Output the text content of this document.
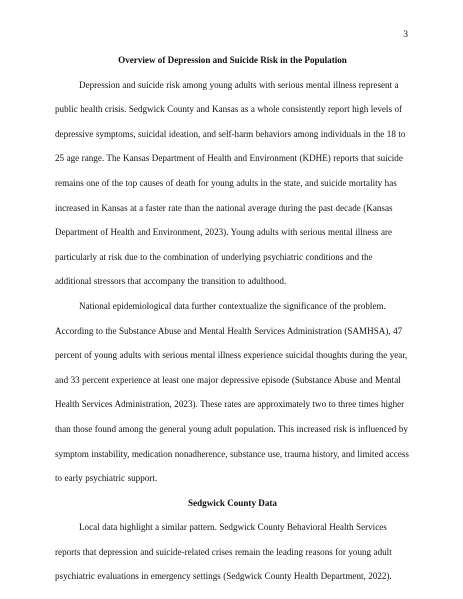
3
Overview of Depression and Suicide Risk in the Population

Depression and suicide risk among young adults with serious mental illness represent a public health crisis. Sedgwick County and Kansas as a whole consistently report high levels of depressive symptoms, suicidal ideation, and self-harm behaviors among individuals in the 18 to 25 age range. The Kansas Department of Health and Environment (KDHE) reports that suicide remains one of the top causes of death for young adults in the state, and suicide mortality has increased in Kansas at a faster rate than the national average during the past decade (Kansas Department of Health and Environment, 2023). Young adults with serious mental illness are particularly at risk due to the combination of underlying psychiatric conditions and the additional stressors that accompany the transition to adulthood.

National epidemiological data further contextualize the significance of the problem. According to the Substance Abuse and Mental Health Services Administration (SAMHSA), 47 percent of young adults with serious mental illness experience suicidal thoughts during the year, and 33 percent experience at least one major depressive episode (Substance Abuse and Mental Health Services Administration, 2023). These rates are approximately two to three times higher than those found among the general young adult population. This increased risk is influenced by symptom instability, medication nonadherence, substance use, trauma history, and limited access to early psychiatric support.

Sedgwick County Data

Local data highlight a similar pattern. Sedgwick County Behavioral Health Services reports that depression and suicide-related crises remain the leading reasons for young adult psychiatric evaluations in emergency settings (Sedgwick County Health Department, 2022).
